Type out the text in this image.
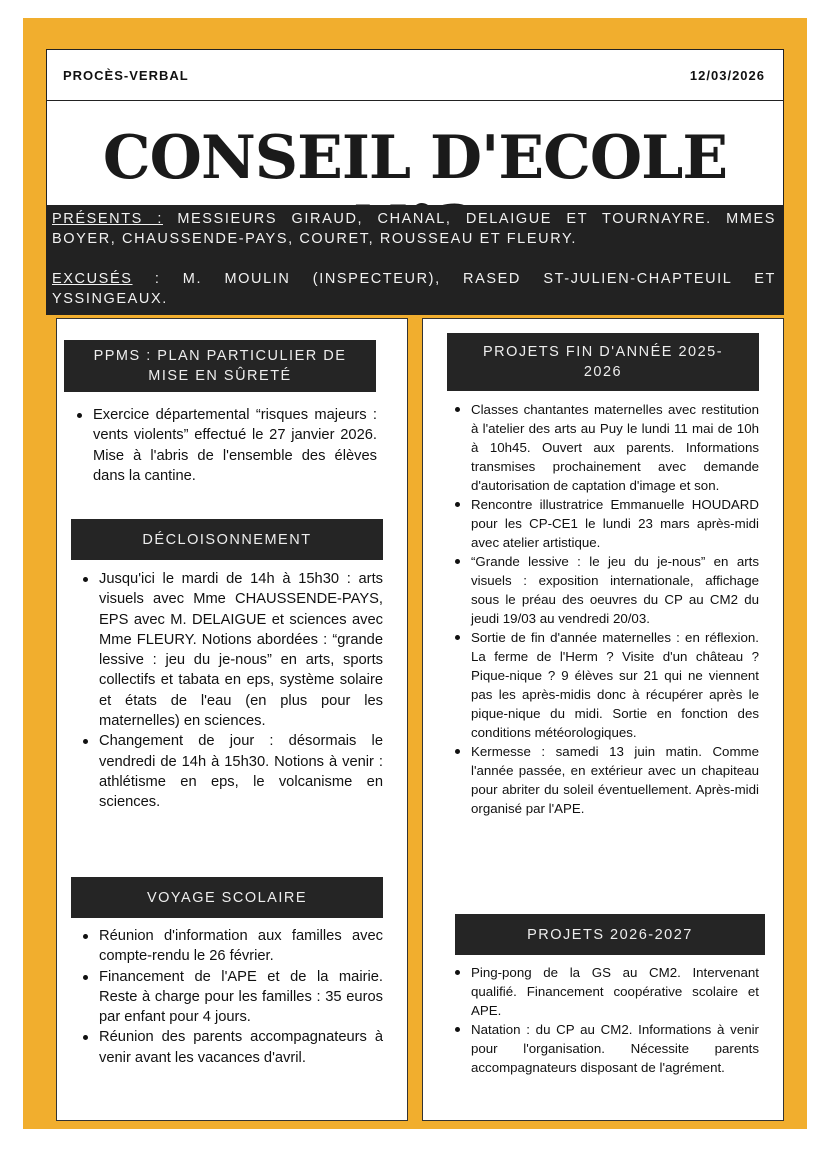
PROCÈS-VERBAL	12/03/2026
CONSEIL D'ECOLE

PRÉSENTS : MESSIEURS GIRAUD, CHANAL, DELAIGUE ET TOURNAYRE. MMES BOYER, CHAUSSENDE-PAYS, COURET, ROUSSEAU ET FLEURY.

EXCUSÉS : M. MOULIN (INSPECTEUR), RASED ST-JULIEN-CHAPTEUIL ET YSSINGEAUX.

PPMS : PLAN PARTICULIER DE MISE EN SÛRETÉ
Exercice départemental “risques majeurs : vents violents” effectué le 27 janvier 2026. Mise à l'abris de l'ensemble des élèves dans la cantine.
DÉCLOISONNEMENT
Jusqu'ici le mardi de 14h à 15h30 : arts visuels avec Mme CHAUSSENDE-PAYS, EPS avec M. DELAIGUE et sciences avec Mme FLEURY. Notions abordées : “grande lessive : jeu du je-nous” en arts, sports collectifs et tabata en eps, système solaire et états de l'eau (en plus pour les maternelles) en sciences.
Changement de jour : désormais le vendredi de 14h à 15h30. Notions à venir : athlétisme en eps, le volcanisme en sciences.
VOYAGE SCOLAIRE
Réunion d'information aux familles avec compte-rendu le 26 février.
Financement de l'APE et de la mairie. Reste à charge pour les familles : 35 euros par enfant pour 4 jours.
Réunion des parents accompagnateurs à venir avant les vacances d'avril.
PROJETS FIN D'ANNÉE 2025-2026
Classes chantantes maternelles avec restitution à l'atelier des arts au Puy le lundi 11 mai de 10h à 10h45. Ouvert aux parents. Informations transmises prochainement avec demande d'autorisation de captation d'image et son.
Rencontre illustratrice Emmanuelle HOUDARD pour les CP-CE1 le lundi 23 mars après-midi avec atelier artistique.
“Grande lessive : le jeu du je-nous” en arts visuels : exposition internationale, affichage sous le préau des oeuvres du CP au CM2 du jeudi 19/03 au vendredi 20/03.
Sortie de fin d'année maternelles : en réflexion. La ferme de l'Herm ? Visite d'un château ? Pique-nique ? 9 élèves sur 21 qui ne viennent pas les après-midis donc à récupérer après le pique-nique du midi. Sortie en fonction des conditions météorologiques.
Kermesse : samedi 13 juin matin. Comme l'année passée, en extérieur avec un chapiteau pour abriter du soleil éventuellement. Après-midi organisé par l'APE.
PROJETS 2026-2027
Ping-pong de la GS au CM2. Intervenant qualifié. Financement coopérative scolaire et APE.
Natation : du CP au CM2. Informations à venir pour l'organisation. Nécessite parents accompagnateurs disposant de l'agrément.
